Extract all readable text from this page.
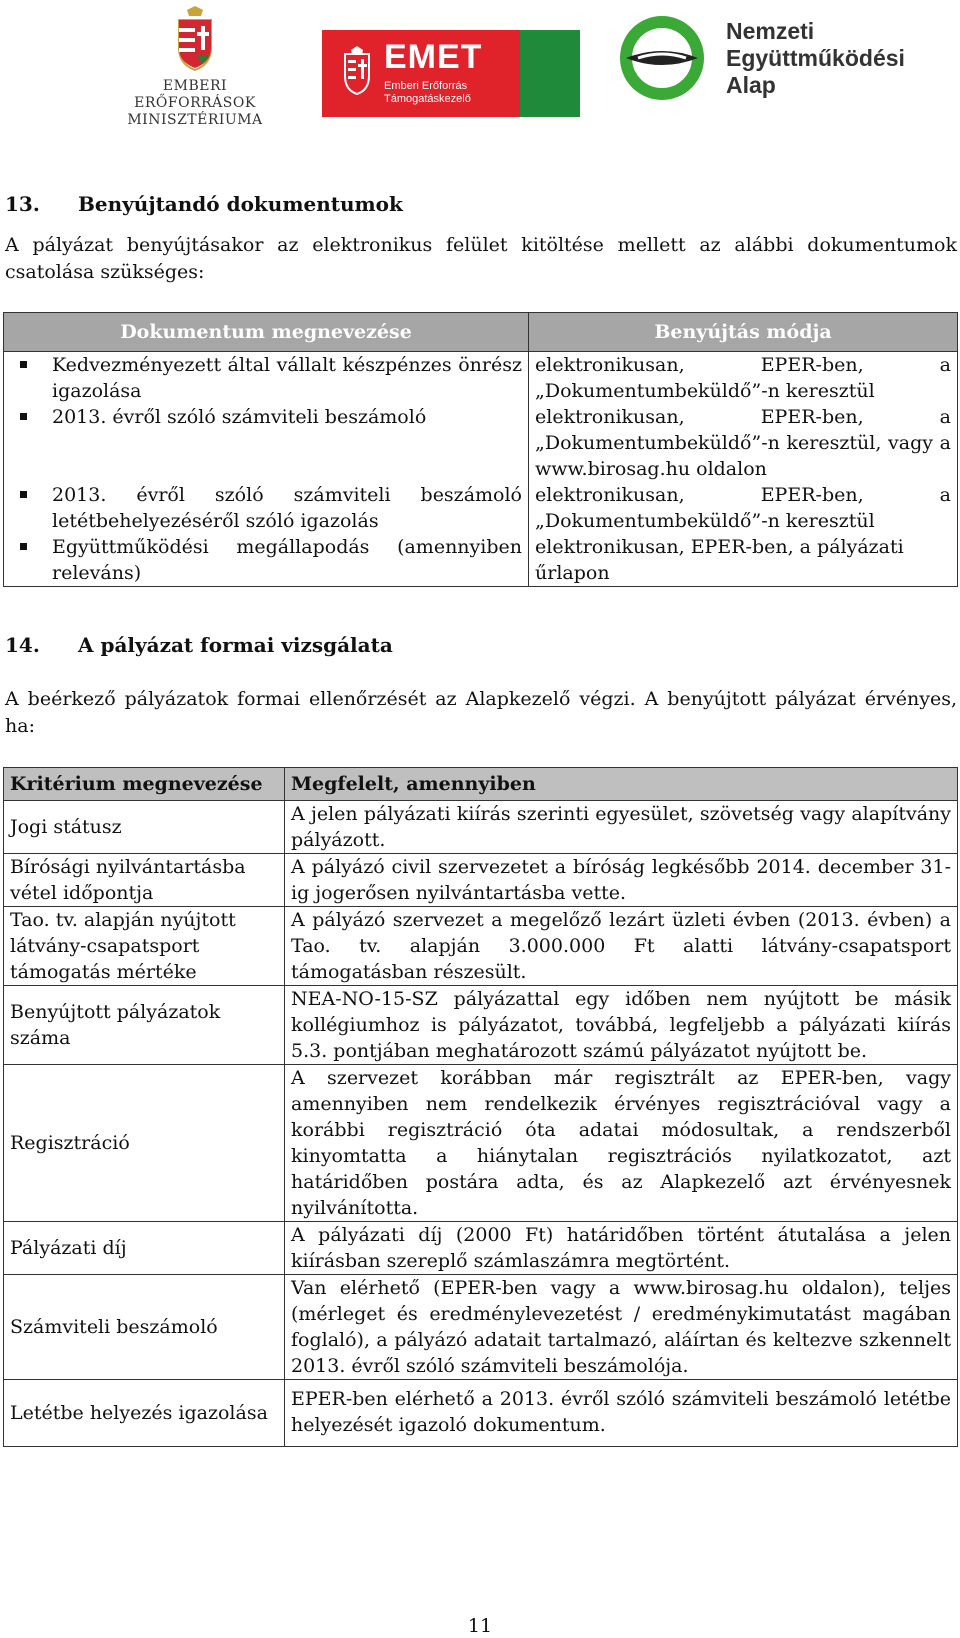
EMBERI ERŐFORRÁSOK
MINISZTÉRIUMA
EMET
Emberi Erőforrás
Támogatáskezelő
Nemzeti
Együttműködési
Alap
13. Benyújtandó dokumentumok
A pályázat benyújtásakor az elektronikus felület kitöltése mellett az alábbi dokumentumok csatolása szükséges:
Dokumentum megnevezése	Benyújtás módja

Kedvezményezett által vállalt készpénzes önrész igazolása	elektronikusan, EPER-ben, a „Dokumentumbeküldő”-n keresztül

2013. évről szóló számviteli beszámoló	elektronikusan, EPER-ben, a „Dokumentumbeküldő”-n keresztül, vagy a www.birosag.hu oldalon

2013. évről szóló számviteli beszámoló letétbehelyezéséről szóló igazolás	elektronikusan, EPER-ben, a „Dokumentumbeküldő”-n keresztül

Együttműködési megállapodás (amennyiben releváns)	elektronikusan, EPER-ben, a pályázati űrlapon
14. A pályázat formai vizsgálata
A beérkező pályázatok formai ellenőrzését az Alapkezelő végzi. A benyújtott pályázat érvényes, ha:
Kritérium megnevezése	Megfelelt, amennyiben
Jogi státusz	A jelen pályázati kiírás szerinti egyesület, szövetség vagy alapítvány pályázott.
Bírósági nyilvántartásba vétel időpontja	A pályázó civil szervezetet a bíróság legkésőbb 2014. december 31-ig jogerősen nyilvántartásba vette.
Tao. tv. alapján nyújtott látvány-csapatsport támogatás mértéke	A pályázó szervezet a megelőző lezárt üzleti évben (2013. évben) a Tao. tv. alapján 3.000.000 Ft alatti látvány-csapatsport támogatásban részesült.
Benyújtott pályázatok száma	NEA-NO-15-SZ pályázattal egy időben nem nyújtott be másik kollégiumhoz is pályázatot, továbbá, legfeljebb a pályázati kiírás 5.3. pontjában meghatározott számú pályázatot nyújtott be.
Regisztráció	A szervezet korábban már regisztrált az EPER-ben, vagy amennyiben nem rendelkezik érvényes regisztrációval vagy a korábbi regisztráció óta adatai módosultak, a rendszerből kinyomtatta a hiánytalan regisztrációs nyilatkozatot, azt határidőben postára adta, és az Alapkezelő azt érvényesnek nyilvánította.
Pályázati díj	A pályázati díj (2000 Ft) határidőben történt átutalása a jelen kiírásban szereplő számlaszámra megtörtént.
Számviteli beszámoló	Van elérhető (EPER-ben vagy a www.birosag.hu oldalon), teljes (mérleget és eredménylevezetést / eredménykimutatást magában foglaló), a pályázó adatait tartalmazó, aláírtan és keltezve szkennelt 2013. évről szóló számviteli beszámolója.
Letétbe helyezés igazolása	EPER-ben elérhető a 2013. évről szóló számviteli beszámoló letétbe helyezését igazoló dokumentum.
11
